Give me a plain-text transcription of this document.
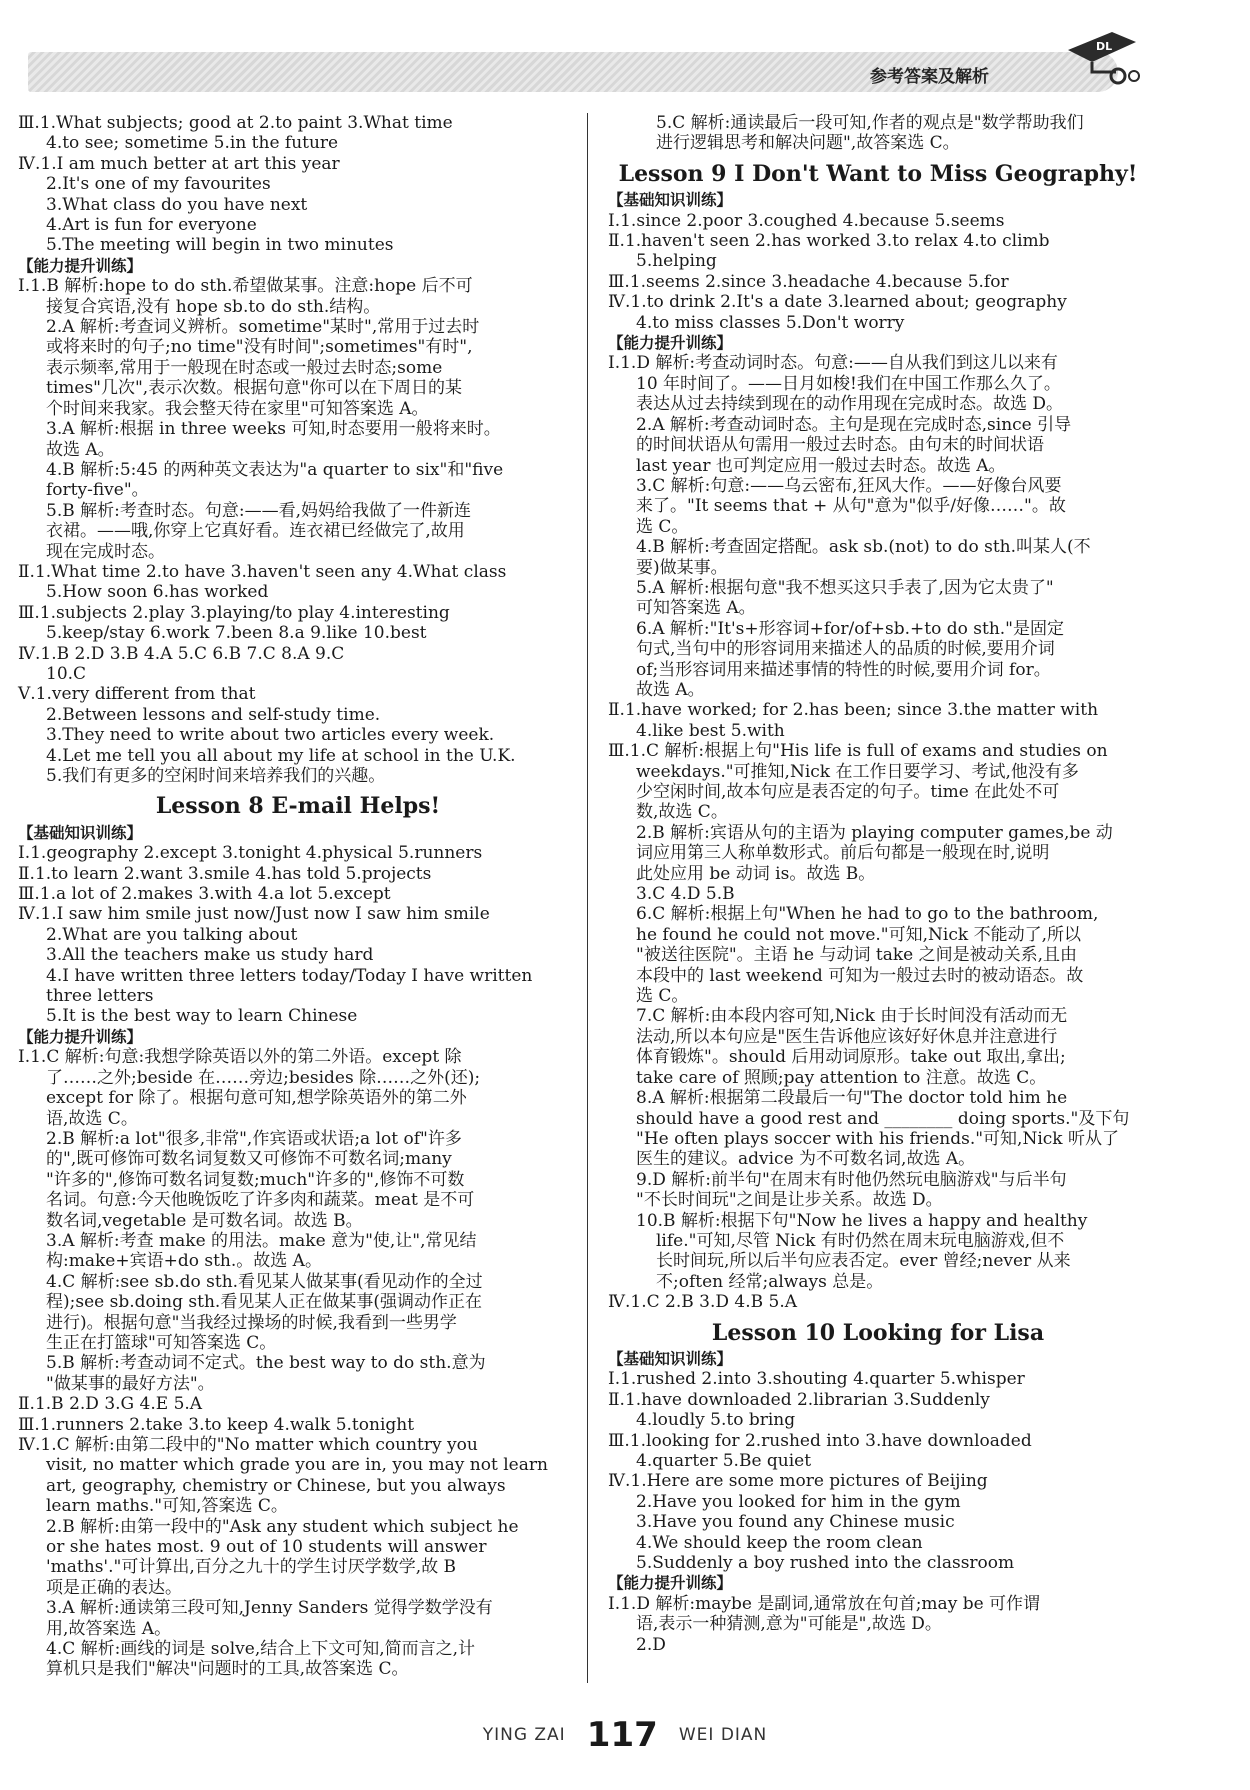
参考答案及解析
DL
Ⅲ.1.What subjects; good at 2.to paint 3.What time
4.to see; sometime 5.in the future
Ⅳ.1.I am much better at art this year
2.It's one of my favourites
3.What class do you have next
4.Art is fun for everyone
5.The meeting will begin in two minutes
【能力提升训练】
Ⅰ.1.B 解析:hope to do sth.希望做某事。注意:hope 后不可
接复合宾语,没有 hope sb.to do sth.结构。
2.A 解析:考查词义辨析。sometime"某时",常用于过去时
或将来时的句子;no time"没有时间";sometimes"有时",
表示频率,常用于一般现在时态或一般过去时态;some
times"几次",表示次数。根据句意"你可以在下周日的某
个时间来我家。我会整天待在家里"可知答案选 A。
3.A 解析:根据 in three weeks 可知,时态要用一般将来时。
故选 A。
4.B 解析:5:45 的两种英文表达为"a quarter to six"和"five
forty-five"。
5.B 解析:考查时态。句意:——看,妈妈给我做了一件新连
衣裙。——哦,你穿上它真好看。连衣裙已经做完了,故用
现在完成时态。
Ⅱ.1.What time 2.to have 3.haven't seen any 4.What class
5.How soon 6.has worked
Ⅲ.1.subjects 2.play 3.playing/to play 4.interesting
5.keep/stay 6.work 7.been 8.a 9.like 10.best
Ⅳ.1.B 2.D 3.B 4.A 5.C 6.B 7.C 8.A 9.C
10.C
Ⅴ.1.very different from that
2.Between lessons and self-study time.
3.They need to write about two articles every week.
4.Let me tell you all about my life at school in the U.K.
5.我们有更多的空闲时间来培养我们的兴趣。
Lesson 8 E-mail Helps!
【基础知识训练】
Ⅰ.1.geography 2.except 3.tonight 4.physical 5.runners
Ⅱ.1.to learn 2.want 3.smile 4.has told 5.projects
Ⅲ.1.a lot of 2.makes 3.with 4.a lot 5.except
Ⅳ.1.I saw him smile just now/Just now I saw him smile
2.What are you talking about
3.All the teachers make us study hard
4.I have written three letters today/Today I have written
three letters
5.It is the best way to learn Chinese
【能力提升训练】
Ⅰ.1.C 解析:句意:我想学除英语以外的第二外语。except 除
了……之外;beside 在……旁边;besides 除……之外(还);
except for 除了。根据句意可知,想学除英语外的第二外
语,故选 C。
2.B 解析:a lot"很多,非常",作宾语或状语;a lot of"许多
的",既可修饰可数名词复数又可修饰不可数名词;many
"许多的",修饰可数名词复数;much"许多的",修饰不可数
名词。句意:今天他晚饭吃了许多肉和蔬菜。meat 是不可
数名词,vegetable 是可数名词。故选 B。
3.A 解析:考查 make 的用法。make 意为"使,让",常见结
构:make+宾语+do sth.。故选 A。
4.C 解析:see sb.do sth.看见某人做某事(看见动作的全过
程);see sb.doing sth.看见某人正在做某事(强调动作正在
进行)。根据句意"当我经过操场的时候,我看到一些男学
生正在打篮球"可知答案选 C。
5.B 解析:考查动词不定式。the best way to do sth.意为
"做某事的最好方法"。
Ⅱ.1.B 2.D 3.G 4.E 5.A
Ⅲ.1.runners 2.take 3.to keep 4.walk 5.tonight
Ⅳ.1.C 解析:由第二段中的"No matter which country you
visit, no matter which grade you are in, you may not learn
art, geography, chemistry or Chinese, but you always
learn maths."可知,答案选 C。
2.B 解析:由第一段中的"Ask any student which subject he
or she hates most. 9 out of 10 students will answer
'maths'."可计算出,百分之九十的学生讨厌学数学,故 B
项是正确的表达。
3.A 解析:通读第三段可知,Jenny Sanders 觉得学数学没有
用,故答案选 A。
4.C 解析:画线的词是 solve,结合上下文可知,简而言之,计
算机只是我们"解决"问题时的工具,故答案选 C。
5.C 解析:通读最后一段可知,作者的观点是"数学帮助我们
进行逻辑思考和解决问题",故答案选 C。
Lesson 9 I Don't Want to Miss Geography!
【基础知识训练】
Ⅰ.1.since 2.poor 3.coughed 4.because 5.seems
Ⅱ.1.haven't seen 2.has worked 3.to relax 4.to climb
5.helping
Ⅲ.1.seems 2.since 3.headache 4.because 5.for
Ⅳ.1.to drink 2.It's a date 3.learned about; geography
4.to miss classes 5.Don't worry
【能力提升训练】
Ⅰ.1.D 解析:考查动词时态。句意:——自从我们到这儿以来有
10 年时间了。——日月如梭!我们在中国工作那么久了。
表达从过去持续到现在的动作用现在完成时态。故选 D。
2.A 解析:考查动词时态。主句是现在完成时态,since 引导
的时间状语从句需用一般过去时态。由句末的时间状语
last year 也可判定应用一般过去时态。故选 A。
3.C 解析:句意:——乌云密布,狂风大作。——好像台风要
来了。"It seems that + 从句"意为"似乎/好像……"。故
选 C。
4.B 解析:考查固定搭配。ask sb.(not) to do sth.叫某人(不
要)做某事。
5.A 解析:根据句意"我不想买这只手表了,因为它太贵了"
可知答案选 A。
6.A 解析:"It's+形容词+for/of+sb.+to do sth."是固定
句式,当句中的形容词用来描述人的品质的时候,要用介词
of;当形容词用来描述事情的特性的时候,要用介词 for。
故选 A。
Ⅱ.1.have worked; for 2.has been; since 3.the matter with
4.like best 5.with
Ⅲ.1.C 解析:根据上句"His life is full of exams and studies on
weekdays."可推知,Nick 在工作日要学习、考试,他没有多
少空闲时间,故本句应是表否定的句子。time 在此处不可
数,故选 C。
2.B 解析:宾语从句的主语为 playing computer games,be 动
词应用第三人称单数形式。前后句都是一般现在时,说明
此处应用 be 动词 is。故选 B。
3.C 4.D 5.B
6.C 解析:根据上句"When he had to go to the bathroom,
he found he could not move."可知,Nick 不能动了,所以
"被送往医院"。主语 he 与动词 take 之间是被动关系,且由
本段中的 last weekend 可知为一般过去时的被动语态。故
选 C。
7.C 解析:由本段内容可知,Nick 由于长时间没有活动而无
法动,所以本句应是"医生告诉他应该好好休息并注意进行
体育锻炼"。should 后用动词原形。take out 取出,拿出;
take care of 照顾;pay attention to 注意。故选 C。
8.A 解析:根据第二段最后一句"The doctor told him he
should have a good rest and ________ doing sports."及下句
"He often plays soccer with his friends."可知,Nick 听从了
医生的建议。advice 为不可数名词,故选 A。
9.D 解析:前半句"在周末有时他仍然玩电脑游戏"与后半句
"不长时间玩"之间是让步关系。故选 D。
10.B 解析:根据下句"Now he lives a happy and healthy
life."可知,尽管 Nick 有时仍然在周末玩电脑游戏,但不
长时间玩,所以后半句应表否定。ever 曾经;never 从来
不;often 经常;always 总是。
Ⅳ.1.C 2.B 3.D 4.B 5.A
Lesson 10 Looking for Lisa
【基础知识训练】
Ⅰ.1.rushed 2.into 3.shouting 4.quarter 5.whisper
Ⅱ.1.have downloaded 2.librarian 3.Suddenly
4.loudly 5.to bring
Ⅲ.1.looking for 2.rushed into 3.have downloaded
4.quarter 5.Be quiet
Ⅳ.1.Here are some more pictures of Beijing
2.Have you looked for him in the gym
3.Have you found any Chinese music
4.We should keep the room clean
5.Suddenly a boy rushed into the classroom
【能力提升训练】
Ⅰ.1.D 解析:maybe 是副词,通常放在句首;may be 可作谓
语,表示一种猜测,意为"可能是",故选 D。
2.D
YING ZAI 117 WEI DIAN
